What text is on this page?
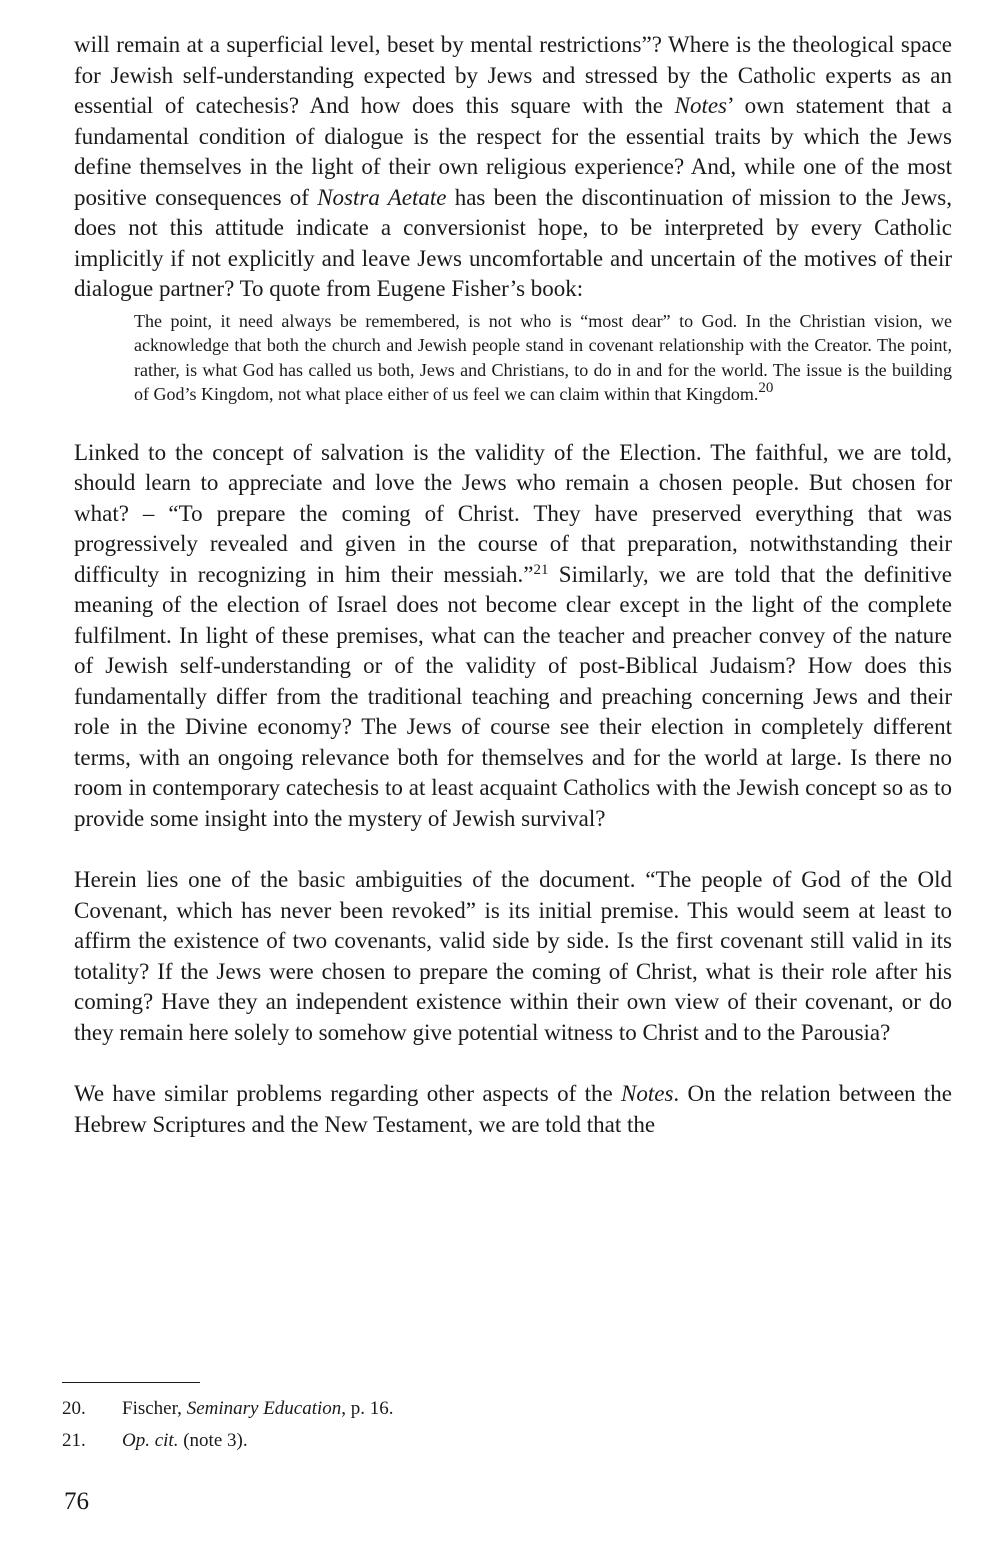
will remain at a superficial level, beset by mental restrictions”? Where is the theological space for Jewish self-understanding expected by Jews and stressed by the Catholic experts as an essential of catechesis? And how does this square with the Notes’ own statement that a fundamental condition of dialogue is the respect for the essential traits by which the Jews define themselves in the light of their own religious experience? And, while one of the most positive consequences of Nostra Aetate has been the discontinuation of mission to the Jews, does not this attitude indicate a conversionist hope, to be interpreted by every Catholic implicitly if not explicitly and leave Jews uncomfortable and uncertain of the motives of their dialogue partner? To quote from Eugene Fisher’s book:

The point, it need always be remembered, is not who is “most dear” to God. In the Christian vision, we acknowledge that both the church and Jewish people stand in covenant relationship with the Creator. The point, rather, is what God has called us both, Jews and Christians, to do in and for the world. The issue is the building of God’s Kingdom, not what place either of us feel we can claim within that Kingdom.$^{20}$

Linked to the concept of salvation is the validity of the Election. The faithful, we are told, should learn to appreciate and love the Jews who remain a chosen people. But chosen for what? – “To prepare the coming of Christ. They have preserved everything that was progressively revealed and given in the course of that preparation, notwithstanding their difficulty in recognizing in him their messiah.”$^{21}$ Similarly, we are told that the definitive meaning of the election of Israel does not become clear except in the light of the complete fulfilment. In light of these premises, what can the teacher and preacher convey of the nature of Jewish self-understanding or of the validity of post-Biblical Judaism? How does this fundamentally differ from the traditional teaching and preaching concerning Jews and their role in the Divine economy? The Jews of course see their election in completely different terms, with an ongoing relevance both for themselves and for the world at large. Is there no room in contemporary catechesis to at least acquaint Catholics with the Jewish concept so as to provide some insight into the mystery of Jewish survival?

Herein lies one of the basic ambiguities of the document. “The people of God of the Old Covenant, which has never been revoked” is its initial premise. This would seem at least to affirm the existence of two covenants, valid side by side. Is the first covenant still valid in its totality? If the Jews were chosen to prepare the coming of Christ, what is their role after his coming? Have they an independent existence within their own view of their covenant, or do they remain here solely to somehow give potential witness to Christ and to the Parousia?

We have similar problems regarding other aspects of the Notes. On the relation between the Hebrew Scriptures and the New Testament, we are told that the

20.	Fischer, Seminary Education, p. 16.
21.	Op. cit. (note 3).
76
